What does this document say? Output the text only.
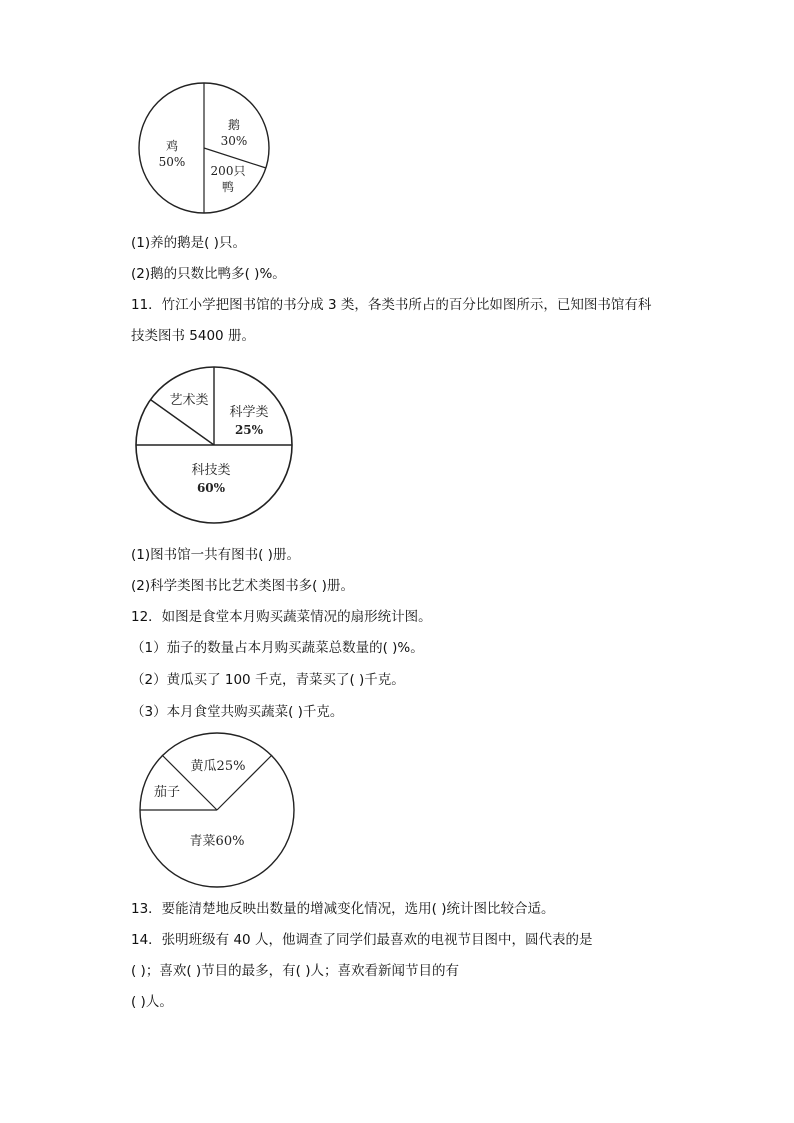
鸡
50%
鹅
30%
200只
鸭
(1)养的鹅是( )只。
(2)鹅的只数比鸭多( )%。
11．竹江小学把图书馆的书分成 3 类，各类书所占的百分比如图所示，已知图书馆有科
技类图书 5400 册。
科学类
25%
艺术类
科技类
60%
(1)图书馆一共有图书( )册。
(2)科学类图书比艺术类图书多( )册。
12．如图是食堂本月购买蔬菜情况的扇形统计图。
（1）茄子的数量占本月购买蔬菜总数量的( )%。
（2）黄瓜买了 100 千克，青菜买了( )千克。
（3）本月食堂共购买蔬菜( )千克。
黄瓜25%
茄子
青菜60%
13．要能清楚地反映出数量的增减变化情况，选用( )统计图比较合适。
14．张明班级有 40 人，他调查了同学们最喜欢的电视节目图中，圆代表的是
( )；喜欢( )节目的最多，有( )人；喜欢看新闻节目的有
( )人。
